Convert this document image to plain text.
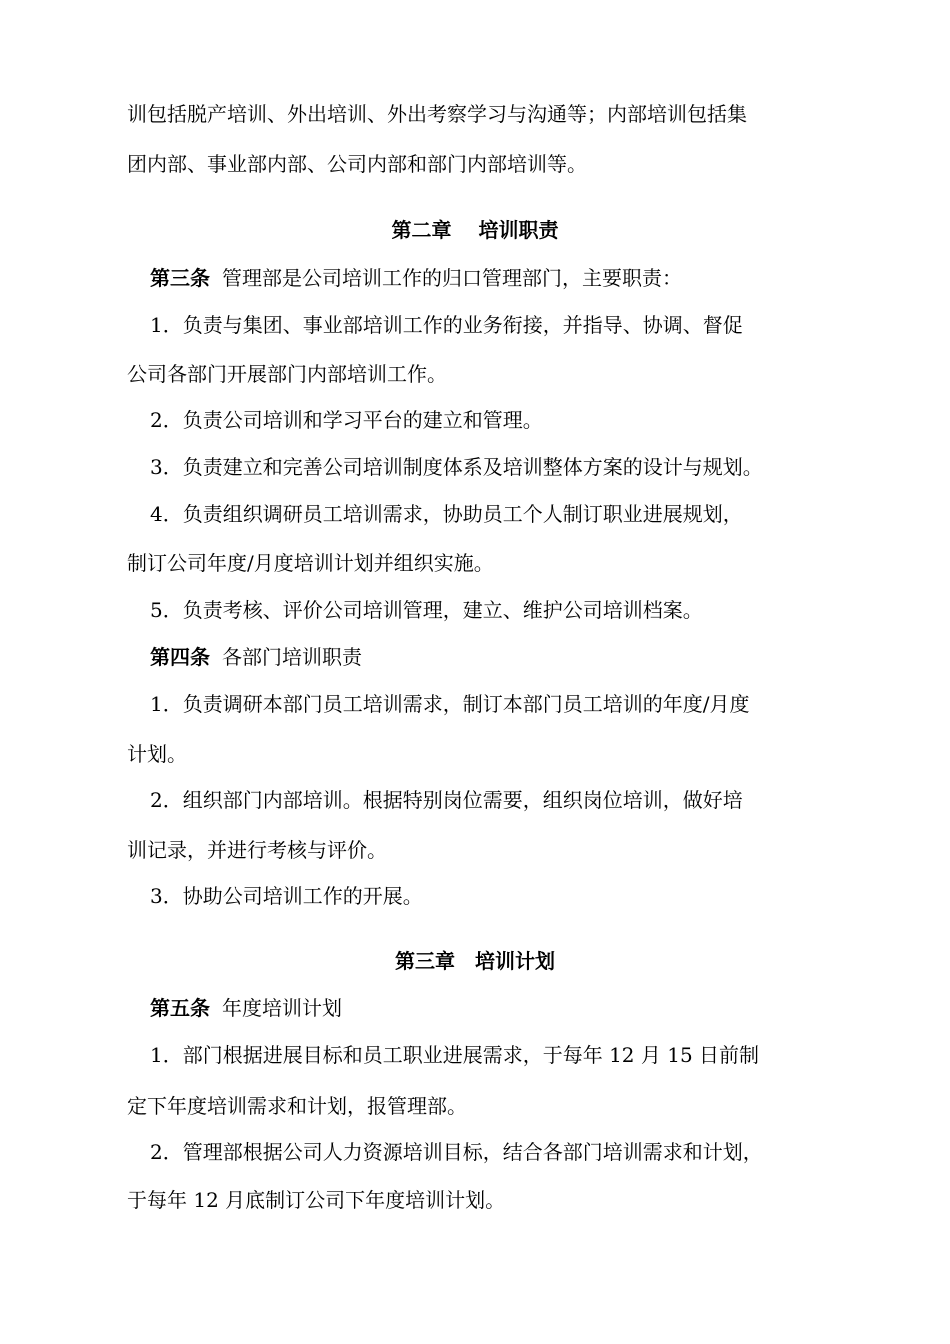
训包括脱产培训、外出培训、外出考察学习与沟通等；内部培训包括集

团内部、事业部内部、公司内部和部门内部培训等。

第二章　 培训职责

第三条 管理部是公司培训工作的归口管理部门，主要职责：

1．负责与集团、事业部培训工作的业务衔接，并指导、协调、督促

公司各部门开展部门内部培训工作。

2．负责公司培训和学习平台的建立和管理。

3．负责建立和完善公司培训制度体系及培训整体方案的设计与规划。

4．负责组织调研员工培训需求，协助员工个人制订职业进展规划，

制订公司年度/月度培训计划并组织实施。

5．负责考核、评价公司培训管理，建立、维护公司培训档案。

第四条 各部门培训职责

1．负责调研本部门员工培训需求，制订本部门员工培训的年度/月度

计划。

2．组织部门内部培训。根据特别岗位需要，组织岗位培训，做好培

训记录，并进行考核与评价。

3．协助公司培训工作的开展。

第三章　培训计划

第五条 年度培训计划

1．部门根据进展目标和员工职业进展需求，于每年 12 月 15 日前制

定下年度培训需求和计划，报管理部。

2．管理部根据公司人力资源培训目标，结合各部门培训需求和计划，

于每年 12 月底制订公司下年度培训计划。
